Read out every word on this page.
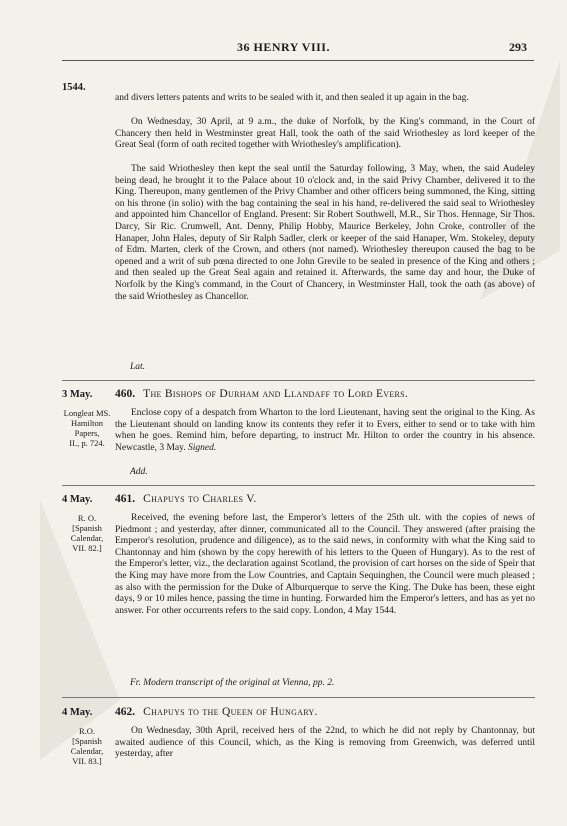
36 HENRY VIII.	293
1544.

and divers letters patents and writs to be sealed with it, and then sealed it up again in the bag.

On Wednesday, 30 April, at 9 a.m., the duke of Norfolk, by the King's command, in the Court of Chancery then held in Westminster great Hall, took the oath of the said Wriothesley as lord keeper of the Great Seal (form of oath recited together with Wriothesley's amplification).

The said Wriothesley then kept the seal until the Saturday following, 3 May, when, the said Audeley being dead, he brought it to the Palace about 10 o'clock and, in the said Privy Chamber, delivered it to the King. Thereupon, many gentlemen of the Privy Chamber and other officers being summoned, the King, sitting on his throne (in solio) with the bag containing the seal in his hand, re-delivered the said seal to Wriothesley and appointed him Chancellor of England. Present: Sir Robert Southwell, M.R., Sir Thos. Hennage, Sir Thos. Darcy, Sir Ric. Crumwell, Ant. Denny, Philip Hobby, Maurice Berkeley, John Croke, controller of the Hanaper, John Hales, deputy of Sir Ralph Sadler, clerk or keeper of the said Hanaper, Wm. Stokeley, deputy of Edm. Marten, clerk of the Crown, and others (not named). Wriothesley thereupon caused the bag to be opened and a writ of sub pœna directed to one John Grevile to be sealed in presence of the King and others ; and then sealed up the Great Seal again and retained it. Afterwards, the same day and hour, the Duke of Norfolk by the King's command, in the Court of Chancery, in Westminster Hall, took the oath (as above) of the said Wriothesley as Chancellor.

Lat.
3 May. 460. The Bishops of Durham and Llandaff to Lord Evers.
Longleat MS.
Hamilton
Papers,
II., p. 724.

Enclose copy of a despatch from Wharton to the lord Lieutenant, having sent the original to the King. As the Lieutenant should on landing know its contents they refer it to Evers, either to send or to take with him when he goes. Remind him, before departing, to instruct Mr. Hilton to order the country in his absence. Newcastle, 3 May. Signed.

Add.
4 May. 461. Chapuys to Charles V.
R. O.
[Spanish
Calendar,
VII. 82.]

Received, the evening before last, the Emperor's letters of the 25th ult. with the copies of news of Piedmont ; and yesterday, after dinner, communicated all to the Council. They answered (after praising the Emperor's resolution, prudence and diligence), as to the said news, in conformity with what the King said to Chantonnay and him (shown by the copy herewith of his letters to the Queen of Hungary). As to the rest of the Emperor's letter, viz., the declaration against Scotland, the provision of cart horses on the side of Speir that the King may have more from the Low Countries, and Captain Sequinghen, the Council were much pleased ; as also with the permission for the Duke of Alburquerque to serve the King. The Duke has been, these eight days, 9 or 10 miles hence, passing the time in hunting. Forwarded him the Emperor's letters, and has as yet no answer. For other occurrents refers to the said copy. London, 4 May 1544.

Fr. Modern transcript of the original at Vienna, pp. 2.
4 May. 462. Chapuys to the Queen of Hungary.
R.O.
[Spanish
Calendar,
VII. 83.]

On Wednesday, 30th April, received hers of the 22nd, to which he did not reply by Chantonnay, but awaited audience of this Council, which, as the King is removing from Greenwich, was deferred until yesterday, after
